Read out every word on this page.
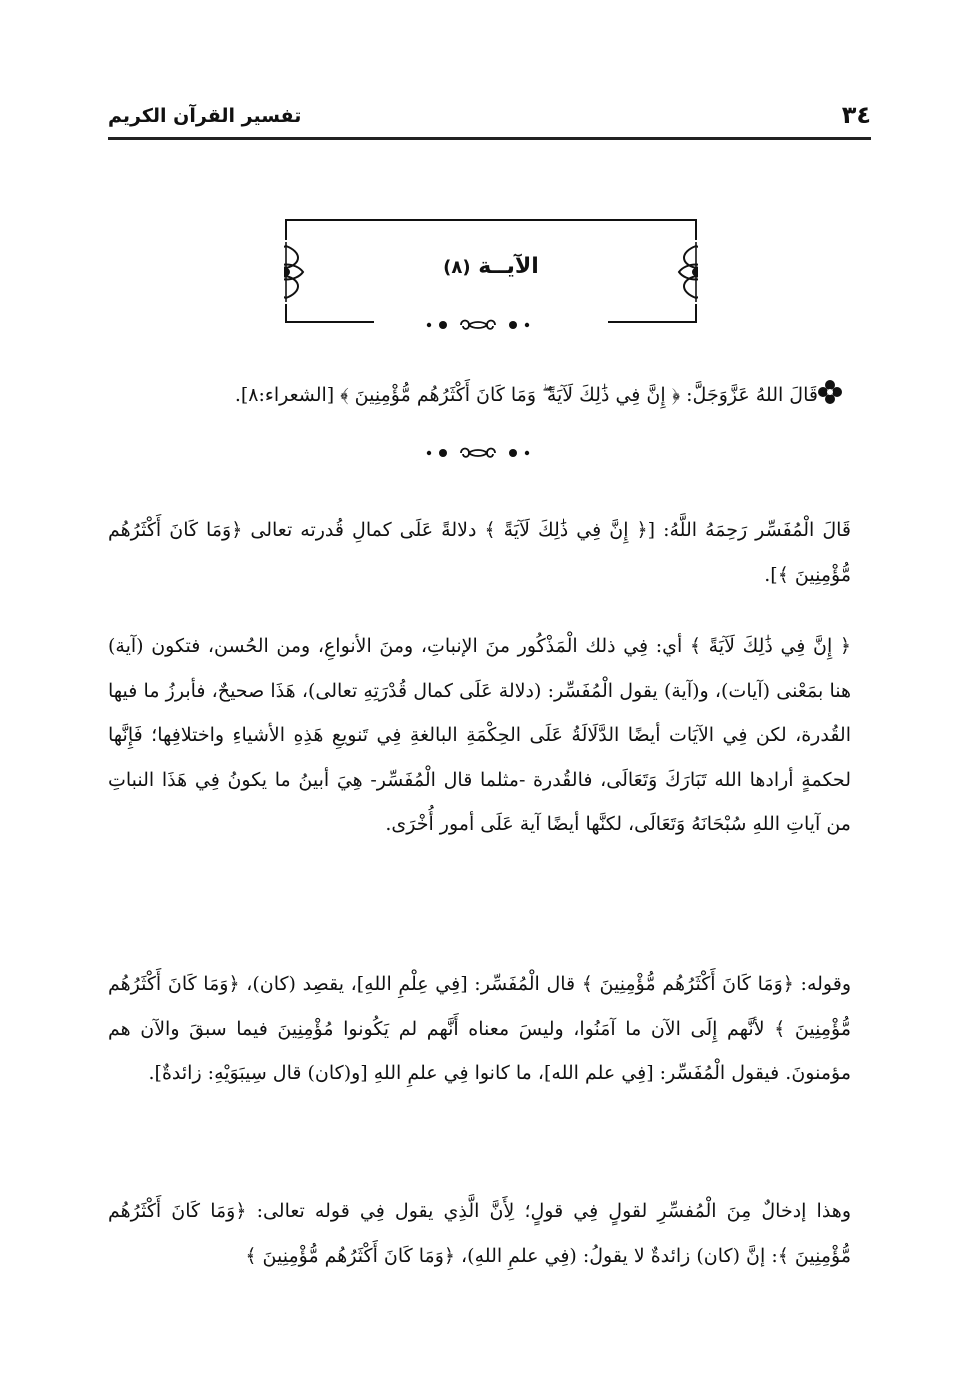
٣٤
تفسير القرآن الكريم
الآيــة (٨)
قَالَ اللهُ عَزَّوَجَلَّ: ﴿ إِنَّ فِي ذَٰلِكَ لَآيَةً ۖ وَمَا كَانَ أَكْثَرُهُم مُّؤْمِنِينَ ﴾ [الشعراء:٨].

قَالَ الْمُفَسِّر رَحِمَهُ اللَّهُ: [﴿ إِنَّ فِي ذَٰلِكَ لَآيَةً ﴾ دلالةً عَلَى كمالِ قُدرته تعالى ﴿وَمَا كَانَ أَكْثَرُهُم مُّؤْمِنِينَ ﴾].

﴿ إِنَّ فِي ذَٰلِكَ لَآيَةً ﴾ أي: فِي ذلك الْمَذْكُور منَ الإنباتِ، ومنَ الأنواعِ، ومن الحُسن، فتكون (آية) هنا بمَعْنى (آيات)، و(آية) يقول الْمُفَسِّر: (دلالة عَلَى كمال قُدْرَتِهِ تعالى)، هَذَا صحيحٌ، فأبرزُ ما فيها القُدرة، لكن فِي الآيَات أيضًا الدَّلَالَةُ عَلَى الحِكْمَةِ البالغةِ فِي تَنويعِ هَذِهِ الأشياءِ واختلافِها؛ فَإِنَّها لحكمةٍ أرادها الله تَبَارَكَ وَتَعَالَى، فالقُدرة -مثلما قال الْمُفَسِّر- هِيَ أبينُ ما يكونُ فِي هَذَا النباتِ من آياتِ اللهِ سُبْحَانَهُ وَتَعَالَى، لكنَّها أيضًا آية عَلَى أمور أُخْرَى.

وقوله: ﴿وَمَا كَانَ أَكْثَرُهُم مُّؤْمِنِينَ ﴾ قال الْمُفَسِّر: [فِي عِلْمِ اللهِ]، يقصِد (كان)، ﴿وَمَا كَانَ أَكْثَرُهُم مُّؤْمِنِينَ ﴾ لأنَّهم إِلَى الآن ما آمَنُوا، وليسَ معناه أَنَّهم لم يَكُونوا مُؤْمِنِينَ فيما سبقَ والآن هم مؤمنونَ. فيقول الْمُفَسِّر: [فِي علم الله]، ما كانوا فِي علمِ اللهِ [و(كان) قال سِيبَوَيْهِ: زائدةٌ].

وهذا إدخالٌ مِنَ الْمُفسِّرِ لقولٍ فِي قولٍ؛ لِأَنَّ الَّذِي يقول فِي قوله تعالى: ﴿وَمَا كَانَ أَكْثَرُهُم مُّؤْمِنِينَ ﴾: إنَّ (كان) زائدةٌ لا يقولُ: (فِي علمِ اللهِ)، ﴿وَمَا كَانَ أَكْثَرُهُم مُّؤْمِنِينَ ﴾
